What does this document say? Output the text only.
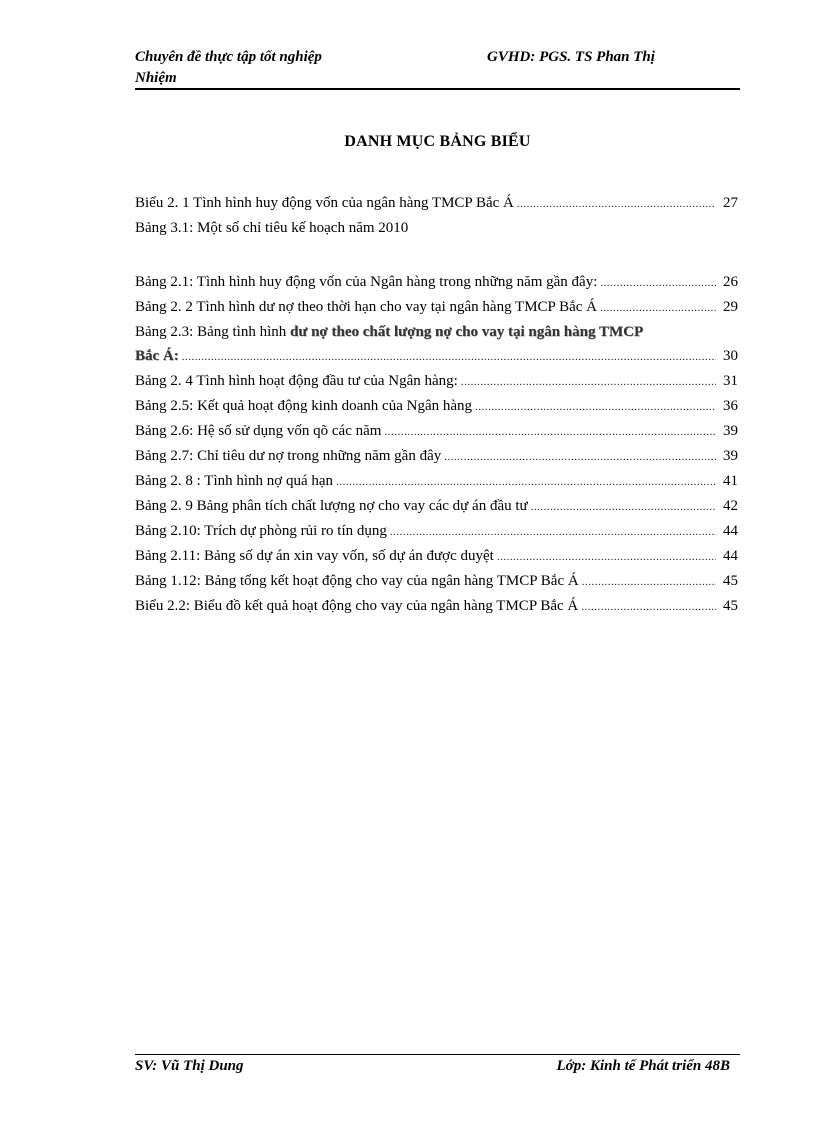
Chuyên đề thực tập tốt nghiệp
Nhiệm
GVHD: PGS. TS Phan Thị
DANH MỤC BẢNG BIỂU
Biểu 2. 1 Tình hình huy động vốn của ngân hàng TMCP Bắc Á .....	27
Bảng 3.1: Một số chỉ tiêu kế hoạch năm 2010
Bảng 2.1: Tình hình huy động vốn của Ngân hàng trong những năm gần đây: .....	26
Bảng 2. 2 Tình hình dư nợ theo thời hạn cho vay tại ngân hàng TMCP Bắc Á .....	29
Bảng 2.3: Bảng tình hình dư nợ theo chất lượng nợ cho vay tại ngân hàng TMCP
Bắc Á: .....	30
Bảng 2. 4 Tình hình hoạt động đầu tư của Ngân hàng: .....	31
Bảng 2.5: Kết quả hoạt động kinh doanh của Ngân hàng .....	36
Bảng 2.6: Hệ số sử dụng vốn qõ các năm .....	39
Bảng 2.7: Chỉ tiêu dư nợ trong những năm gần đây .....	39
Bảng 2. 8 : Tình hình nợ quá hạn .....	41
Bảng 2. 9 Bảng phân tích chất lượng nợ cho vay các dự án đầu tư .....	42
Bảng 2.10: Trích dự phòng rủi ro tín dụng .....	44
Bảng 2.11: Bảng số dự án xin vay vốn, số dự án được duyệt .....	44
Bảng 1.12: Bảng tổng kết hoạt động cho vay của ngân hàng TMCP Bắc Á .....	45
Biểu 2.2: Biểu đồ kết quả hoạt động cho vay của ngân hàng TMCP Bắc Á .....	45
SV: Vũ Thị Dung	Lớp: Kinh tế Phát triển 48B
